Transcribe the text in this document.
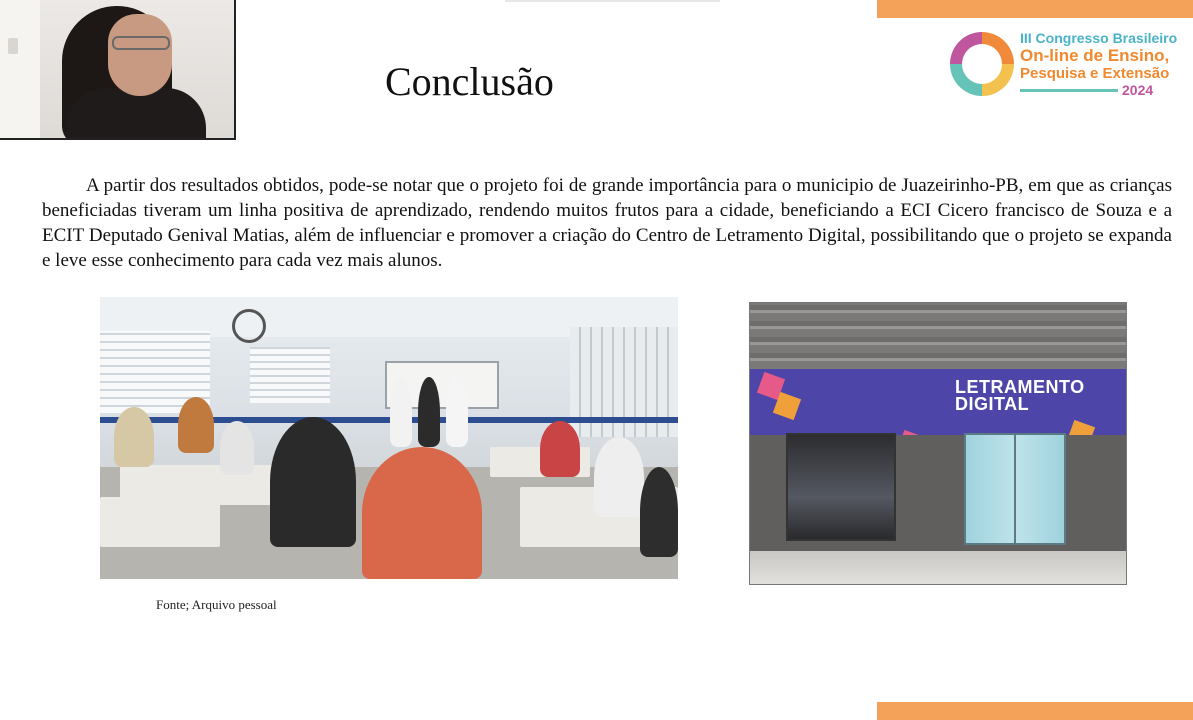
Conclusão
III Congresso Brasileiro
On-line de Ensino,
Pesquisa e Extensão
2024

A partir dos resultados obtidos, pode-se notar que o projeto foi de grande importância para o municipio de Juazeirinho-PB, em que as crianças beneficiadas tiveram um linha positiva de aprendizado, rendendo muitos frutos para a cidade, beneficiando a ECI Cicero francisco de Souza e a ECIT Deputado Genival Matias, além de influenciar e promover a criação do Centro de Letramento Digital, possibilitando que o projeto se expanda e leve esse conhecimento para cada vez mais alunos.

LETRAMENTO
DIGITAL

Fonte; Arquivo pessoal
